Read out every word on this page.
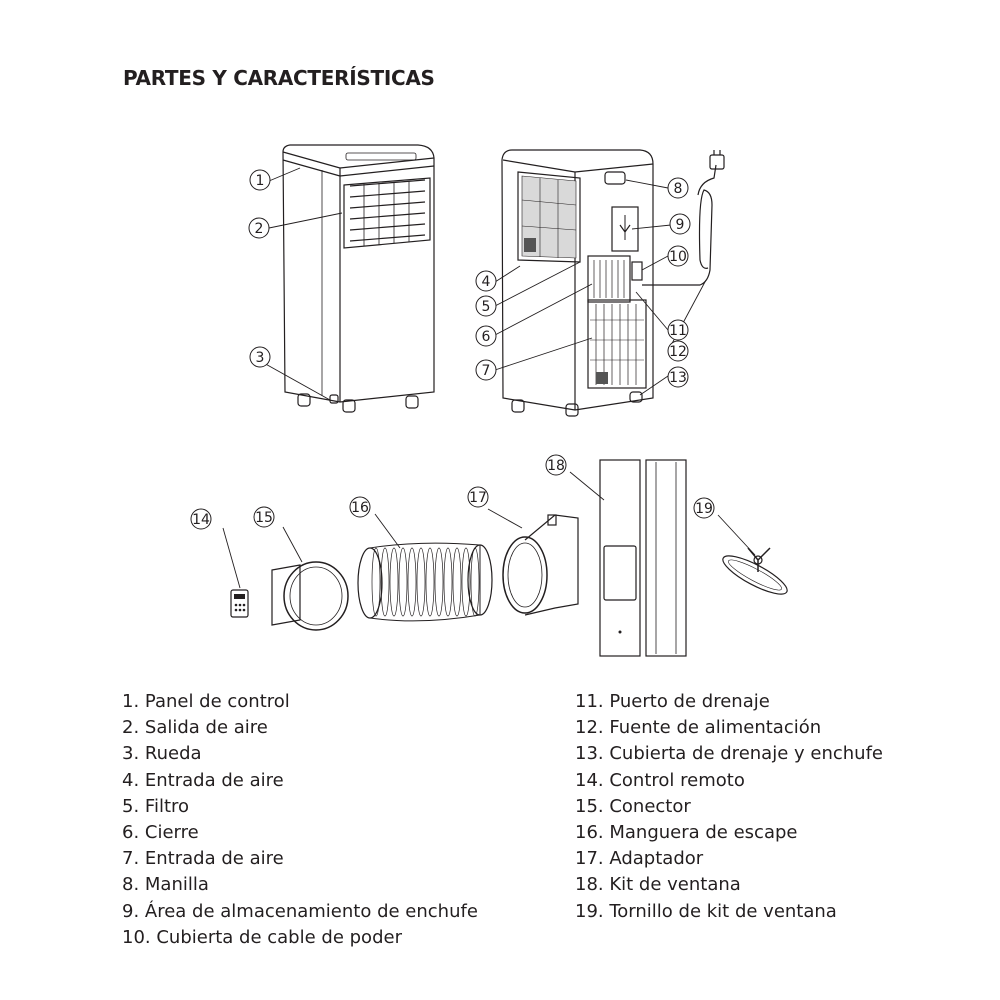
PARTES Y CARACTERÍSTICAS
1
2
3
4
5
6
7
8
9
10
11
12
13
14	15
16
17
18
19
1. Panel de control
2. Salida de aire
3. Rueda
4. Entrada de aire
5. Filtro
6. Cierre
7. Entrada de aire
8. Manilla
9. Área de almacenamiento de enchufe
10. Cubierta de cable de poder
11. Puerto de drenaje
12. Fuente de alimentación
13. Cubierta de drenaje y enchufe
14. Control remoto
15. Conector
16. Manguera de escape
17. Adaptador
18. Kit de ventana
19. Tornillo de kit de ventana
